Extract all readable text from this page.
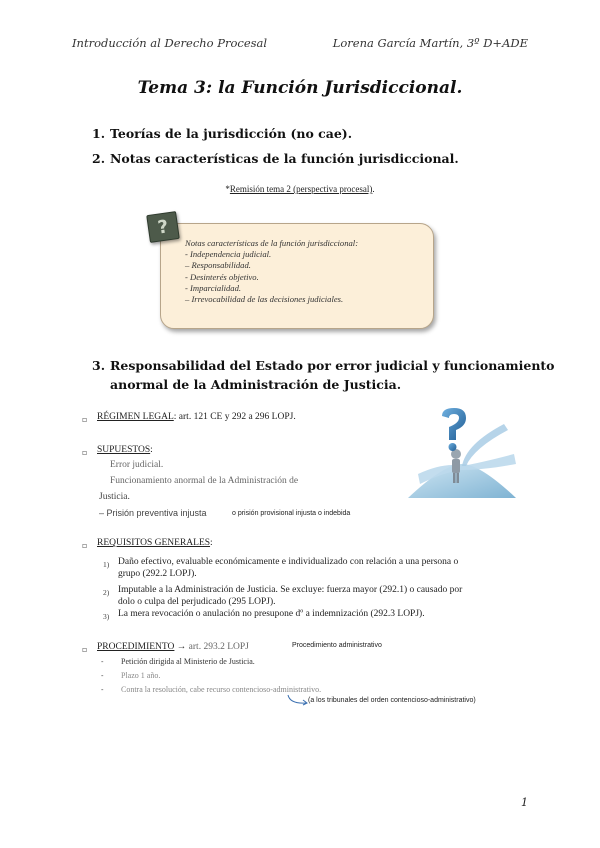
Introducción al Derecho Procesal	Lorena García Martín, 3º D+ADE
Tema 3: la Función Jurisdiccional.
1. Teorías de la jurisdicción (no cae).
2. Notas características de la función jurisdiccional.
*Remisión tema 2 (perspectiva procesal).
Notas características de la función jurisdiccional:
- Independencia judicial.
– Responsabilidad.
- Desinterés objetivo.
- Imparcialidad.
– Irrevocabilidad de las decisiones judiciales.
?
3. Responsabilidad del Estado por error judicial y funcionamiento
anormal de la Administración de Justicia.
▫ RÉGIMEN LEGAL: art. 121 CE y 292 a 296 LOPJ.
▫ SUPUESTOS:
Error judicial.
Funcionamiento anormal de la Administración de
Justicia.
– Prisión preventiva injusta	o prisión provisional injusta o indebida
▫ REQUISITOS GENERALES:
1) Daño efectivo, evaluable económicamente e individualizado con relación a una persona o
grupo (292.2 LOPJ).
2) Imputable a la Administración de Justicia. Se excluye: fuerza mayor (292.1) o causado por
dolo o culpa del perjudicado (295 LOPJ).
3) La mera revocación o anulación no presupone dº a indemnización (292.3 LOPJ).
▫ PROCEDIMIENTO → art. 293.2 LOPJ	Procedimiento administrativo
- Petición dirigida al Ministerio de Justicia.
- Plazo 1 año.
- Contra la resolución, cabe recurso contencioso-administrativo.
(a los tribunales del orden contencioso-administrativo)
1
